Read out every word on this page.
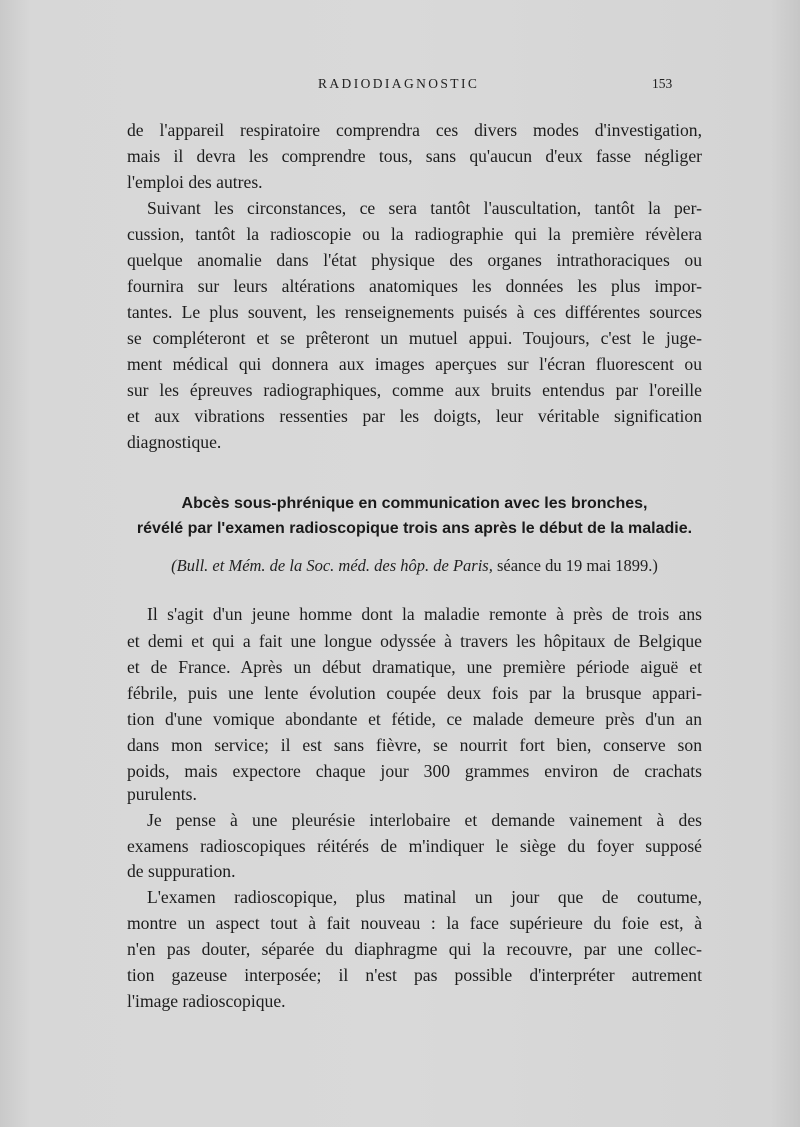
RADIODIAGNOSTIC	153
de l'appareil respiratoire comprendra ces divers modes d'investigation,
mais il devra les comprendre tous, sans qu'aucun d'eux fasse négliger
l'emploi des autres.
Suivant les circonstances, ce sera tantôt l'auscultation, tantôt la per-
cussion, tantôt la radioscopie ou la radiographie qui la première révèlera
quelque anomalie dans l'état physique des organes intrathoraciques ou
fournira sur leurs altérations anatomiques les données les plus impor-
tantes. Le plus souvent, les renseignements puisés à ces différentes sources
se compléteront et se prêteront un mutuel appui. Toujours, c'est le juge-
ment médical qui donnera aux images aperçues sur l'écran fluorescent ou
sur les épreuves radiographiques, comme aux bruits entendus par l'oreille
et aux vibrations ressenties par les doigts, leur véritable signification
diagnostique.
Abcès sous-phrénique en communication avec les bronches,
révélé par l'examen radioscopique trois ans après le début de la maladie.
(Bull. et Mém. de la Soc. méd. des hôp. de Paris, séance du 19 mai 1899.)
Il s'agit d'un jeune homme dont la maladie remonte à près de trois ans
et demi et qui a fait une longue odyssée à travers les hôpitaux de Belgique
et de France. Après un début dramatique, une première période aiguë et
fébrile, puis une lente évolution coupée deux fois par la brusque appari-
tion d'une vomique abondante et fétide, ce malade demeure près d'un an
dans mon service; il est sans fièvre, se nourrit fort bien, conserve son
poids, mais expectore chaque jour 300 grammes environ de crachats
purulents.
Je pense à une pleurésie interlobaire et demande vainement à des
examens radioscopiques réitérés de m'indiquer le siège du foyer supposé
de suppuration.
L'examen radioscopique, plus matinal un jour que de coutume,
montre un aspect tout à fait nouveau : la face supérieure du foie est, à
n'en pas douter, séparée du diaphragme qui la recouvre, par une collec-
tion gazeuse interposée; il n'est pas possible d'interpréter autrement
l'image radioscopique.
